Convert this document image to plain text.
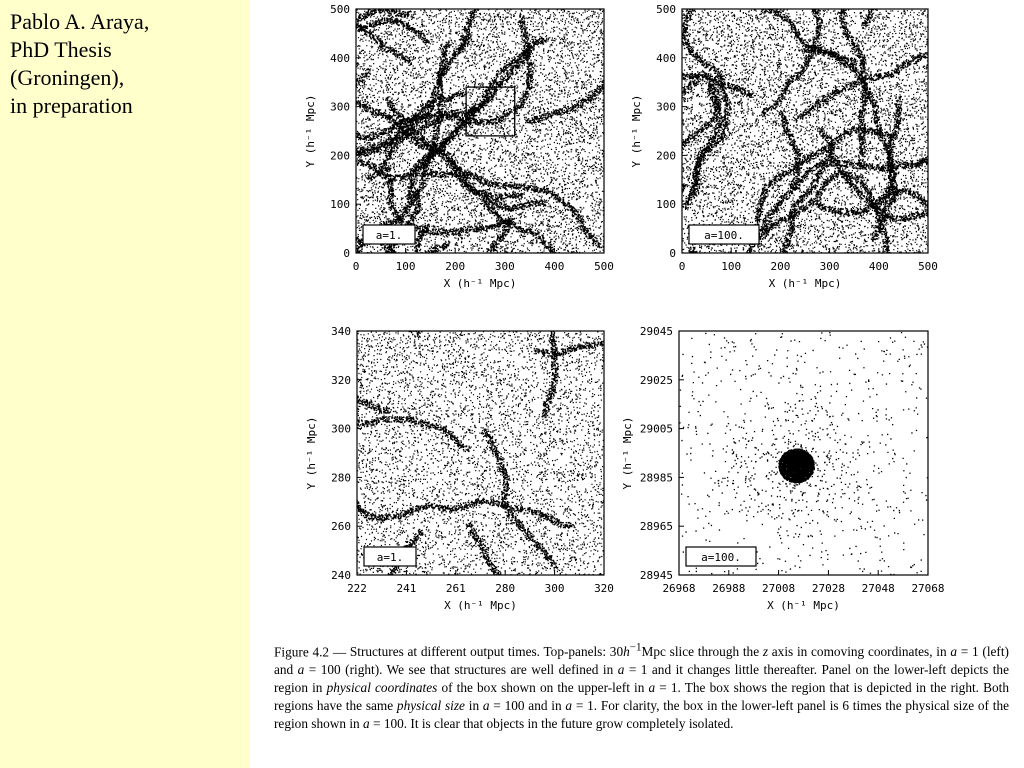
Pablo A. Araya,
PhD Thesis
(Groningen),
in preparation
0	100	200	300	400	500
0
100
200
300
400
500
X (h⁻¹ Mpc)
Y (h⁻¹ Mpc)
a=1.
0	100	200	300	400	500
0
100
200
300
400
500
X (h⁻¹ Mpc)
Y (h⁻¹ Mpc)
a=100.
222	241	261	280	300	320
240
260
280
300
320
340
X (h⁻¹ Mpc)
Y (h⁻¹ Mpc)
a=1.
26968 26988 27008 27028 27048 27068
28945
28965
28985
29005
29025
29045
X (h⁻¹ Mpc)
Y (h⁻¹ Mpc)
a=100.
Figure 4.2 — Structures at different output times. Top-panels: $30h^{-1}Mpc$ slice through the z axis in comoving coordinates, in a = 1 (left) and a = 100 (right). We see that structures are well defined in a = 1 and it changes little thereafter. Panel on the lower-left depicts the region in physical coordinates of the box shown on the upper-left in a = 1. The box shows the region that is depicted in the right. Both regions have the same physical size in a = 100 and in a = 1. For clarity, the box in the lower-left panel is 6 times the physical size of the region shown in a = 100. It is clear that objects in the future grow completely isolated.
